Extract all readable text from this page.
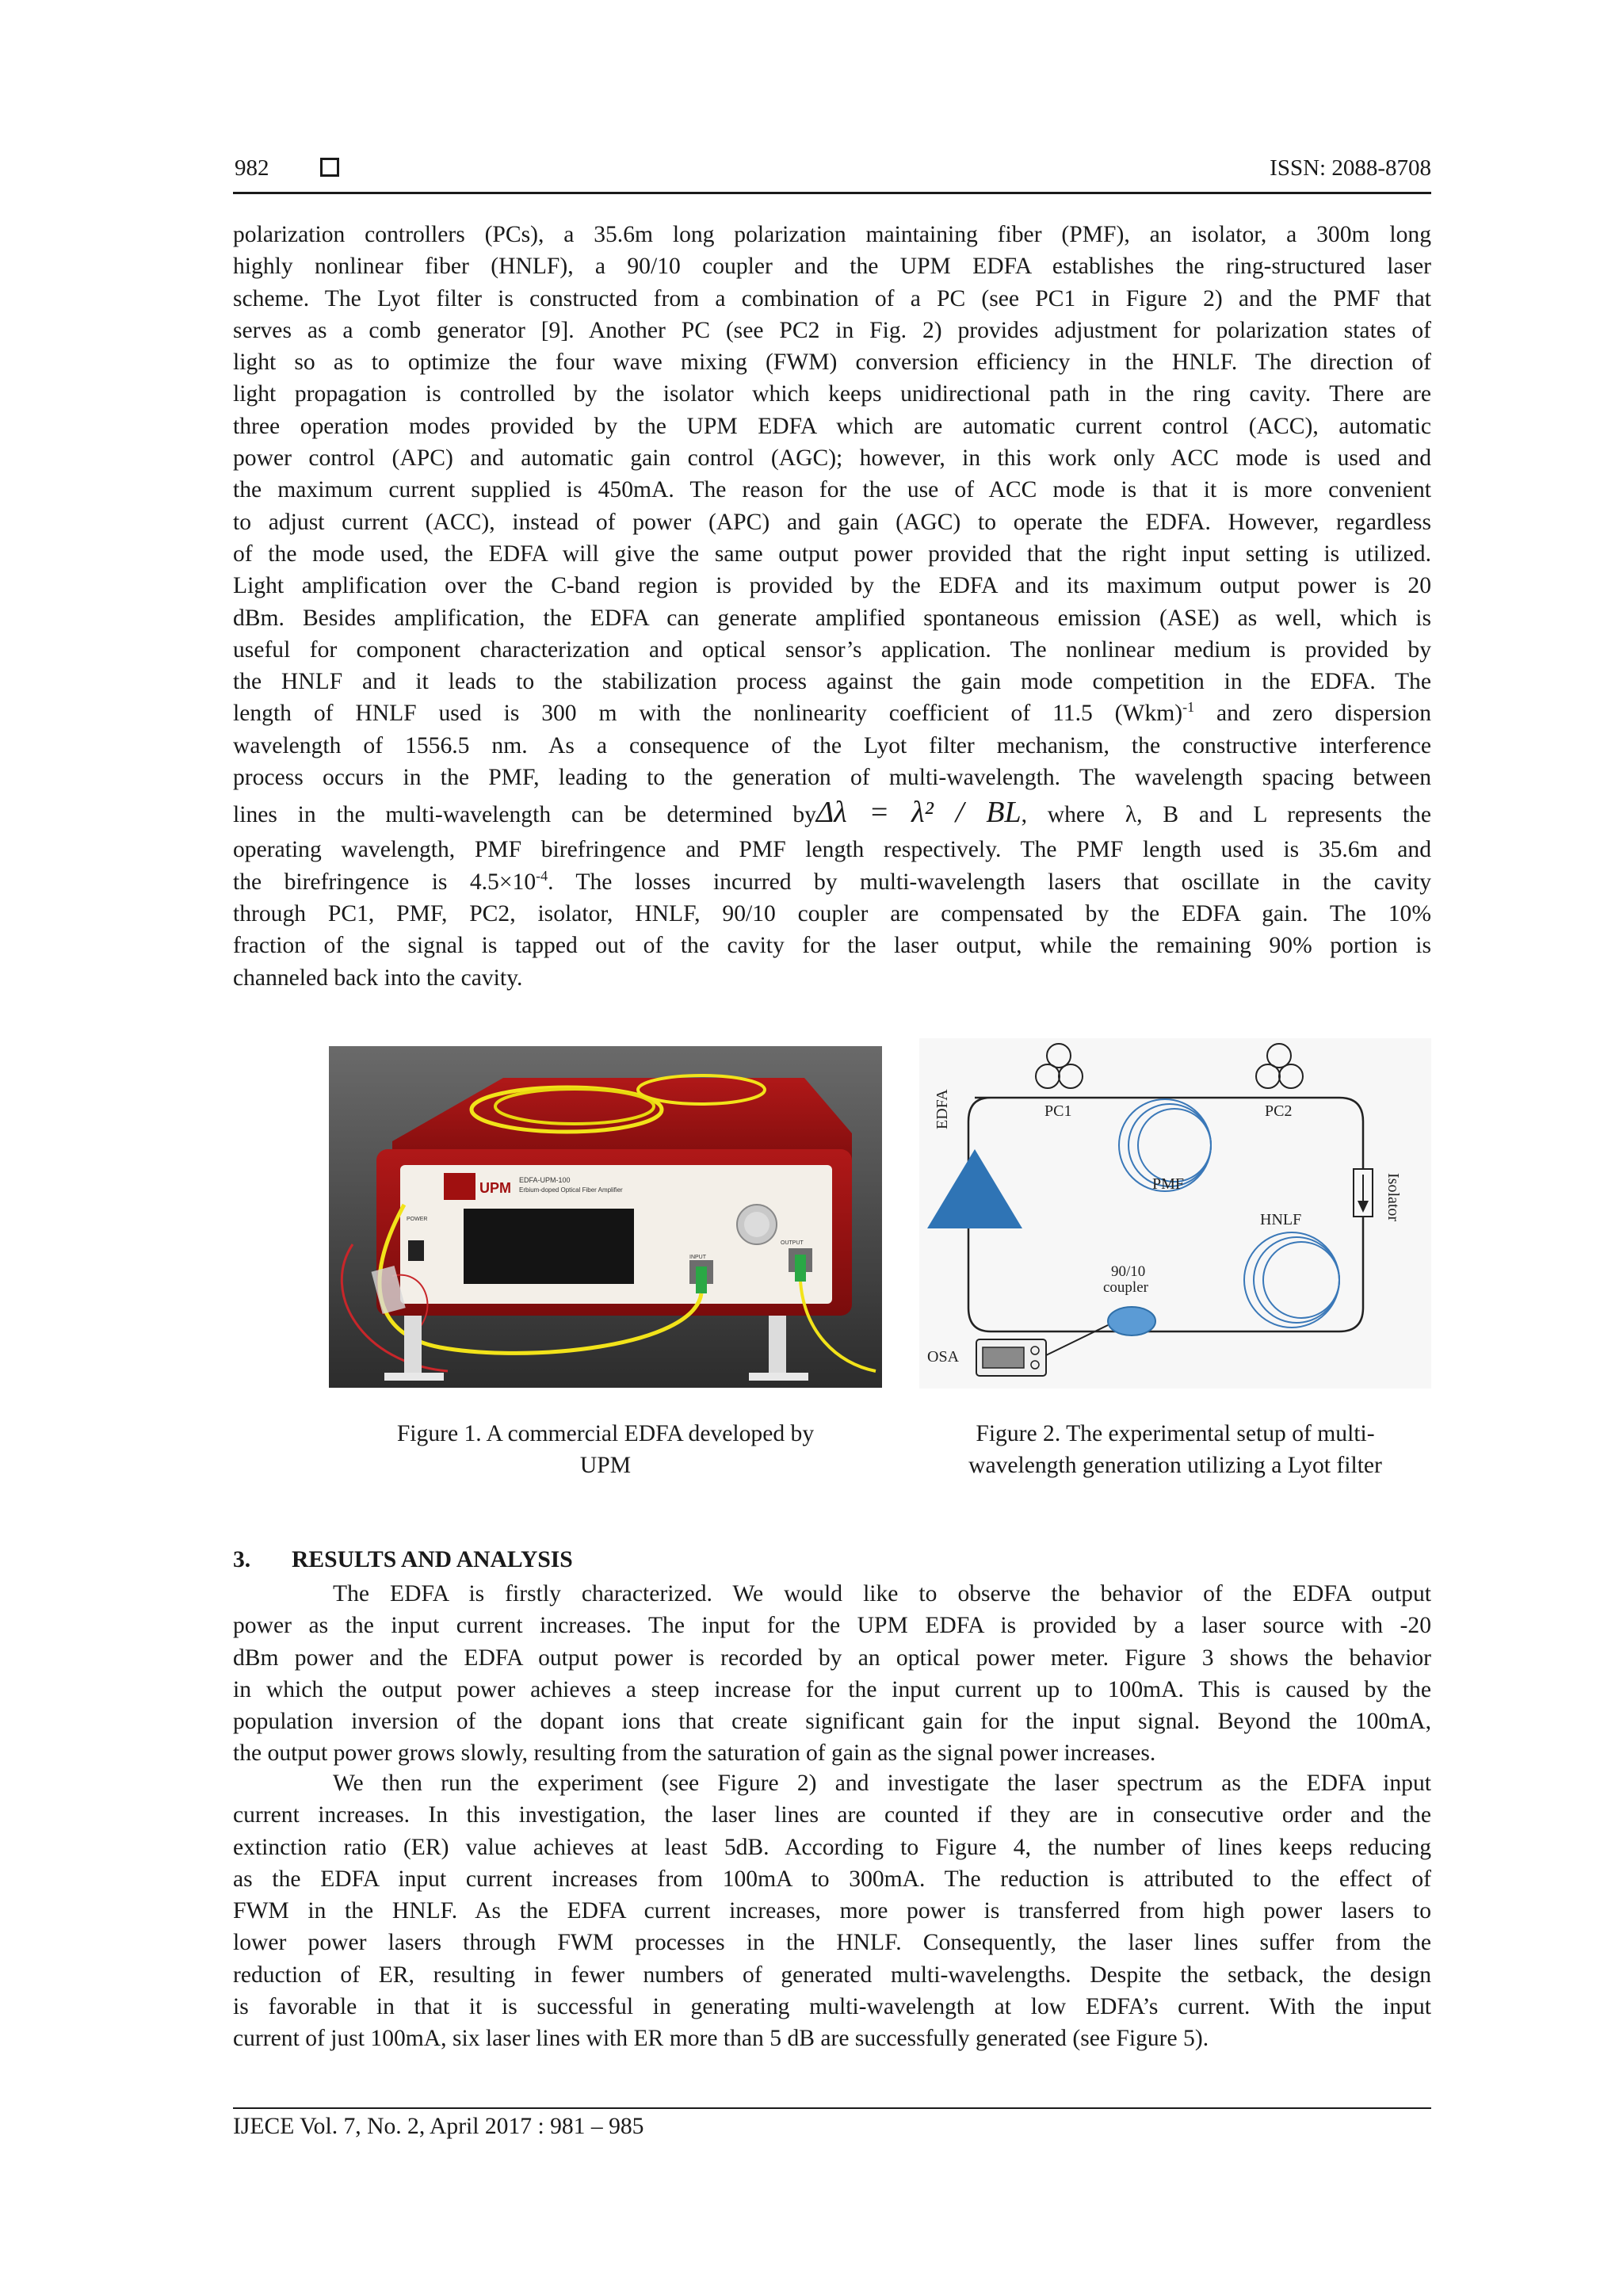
982	ISSN: 2088-8708
polarization controllers (PCs), a 35.6m long polarization maintaining fiber (PMF), an isolator, a 300m long
highly nonlinear fiber (HNLF), a 90/10 coupler and the UPM EDFA establishes the ring-structured laser
scheme. The Lyot filter is constructed from a combination of a PC (see PC1 in Figure 2) and the PMF that
serves as a comb generator [9]. Another PC (see PC2 in Fig. 2) provides adjustment for polarization states of
light so as to optimize the four wave mixing (FWM) conversion efficiency in the HNLF. The direction of
light propagation is controlled by the isolator which keeps unidirectional path in the ring cavity. There are
three operation modes provided by the UPM EDFA which are automatic current control (ACC), automatic
power control (APC) and automatic gain control (AGC); however, in this work only ACC mode is used and
the maximum current supplied is 450mA. The reason for the use of ACC mode is that it is more convenient
to adjust current (ACC), instead of power (APC) and gain (AGC) to operate the EDFA. However, regardless
of the mode used, the EDFA will give the same output power provided that the right input setting is utilized.
Light amplification over the C-band region is provided by the EDFA and its maximum output power is 20
dBm. Besides amplification, the EDFA can generate amplified spontaneous emission (ASE) as well, which is
useful for component characterization and optical sensor’s application. The nonlinear medium is provided by
the HNLF and it leads to the stabilization process against the gain mode competition in the EDFA. The
length of HNLF used is 300 m with the nonlinearity coefficient of 11.5 (Wkm)$^{-1}$ and zero dispersion
wavelength of 1556.5 nm. As a consequence of the Lyot filter mechanism, the constructive interference
process occurs in the PMF, leading to the generation of multi-wavelength. The wavelength spacing between
lines in the multi-wavelength can be determined byΔλ = λ² / BL, where λ, B and L represents the
operating wavelength, PMF birefringence and PMF length respectively. The PMF length used is 35.6m and
the birefringence is $4.5\times 10^{-4}$. The losses incurred by multi-wavelength lasers that oscillate in the cavity
through PC1, PMF, PC2, isolator, HNLF, 90/10 coupler are compensated by the EDFA gain. The 10%
fraction of the signal is tapped out of the cavity for the laser output, while the remaining 90% portion is
channeled back into the cavity.
UPM EDFA-UPM-100
Erbium-doped Optical Fiber Amplifier
POWER
INPUT
OUTPUT
PC1	PC2
PMF
EDFA
Isolator
HNLF
90/10
coupler
OSA
Figure 1. A commercial EDFA developed by
UPM
Figure 2. The experimental setup of multi-
wavelength generation utilizing a Lyot filter
3. RESULTS AND ANALYSIS
The EDFA is firstly characterized. We would like to observe the behavior of the EDFA output
power as the input current increases. The input for the UPM EDFA is provided by a laser source with -20
dBm power and the EDFA output power is recorded by an optical power meter. Figure 3 shows the behavior
in which the output power achieves a steep increase for the input current up to 100mA. This is caused by the
population inversion of the dopant ions that create significant gain for the input signal. Beyond the 100mA,
the output power grows slowly, resulting from the saturation of gain as the signal power increases.
We then run the experiment (see Figure 2) and investigate the laser spectrum as the EDFA input
current increases. In this investigation, the laser lines are counted if they are in consecutive order and the
extinction ratio (ER) value achieves at least 5dB. According to Figure 4, the number of lines keeps reducing
as the EDFA input current increases from 100mA to 300mA. The reduction is attributed to the effect of
FWM in the HNLF. As the EDFA current increases, more power is transferred from high power lasers to
lower power lasers through FWM processes in the HNLF. Consequently, the laser lines suffer from the
reduction of ER, resulting in fewer numbers of generated multi-wavelengths. Despite the setback, the design
is favorable in that it is successful in generating multi-wavelength at low EDFA’s current. With the input
current of just 100mA, six laser lines with ER more than 5 dB are successfully generated (see Figure 5).
IJECE Vol. 7, No. 2, April 2017 : 981 – 985
